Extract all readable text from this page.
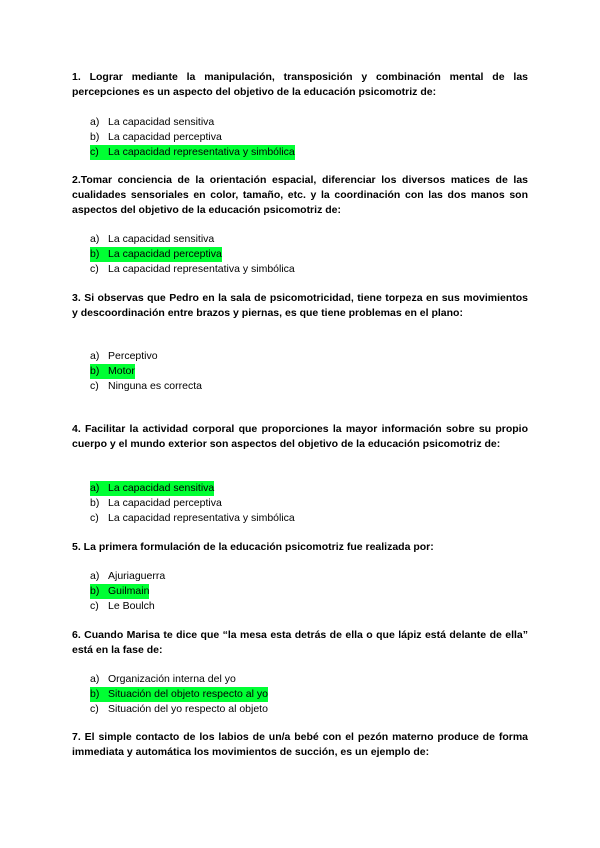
1. Lograr mediante la manipulación, transposición y combinación mental de las percepciones es un aspecto del objetivo de la educación psicomotriz de:

a) La capacidad sensitiva
b) La capacidad perceptiva
c) La capacidad representativa y simbólica

2.Tomar conciencia de la orientación espacial, diferenciar los diversos matices de las cualidades sensoriales en color, tamaño, etc. y la coordinación con las dos manos son aspectos del objetivo de la educación psicomotriz de:

a) La capacidad sensitiva
b) La capacidad perceptiva
c) La capacidad representativa y simbólica

3. Si observas que Pedro en la sala de psicomotricidad, tiene torpeza en sus movimientos y descoordinación entre brazos y piernas, es que tiene problemas en el plano:

a) Perceptivo
b) Motor
c) Ninguna es correcta

4. Facilitar la actividad corporal que proporciones la mayor información sobre su propio cuerpo y el mundo exterior son aspectos del objetivo de la educación psicomotriz de:

a) La capacidad sensitiva
b) La capacidad perceptiva
c) La capacidad representativa y simbólica

5. La primera formulación de la educación psicomotriz fue realizada por:

a) Ajuriaguerra
b) Guilmain
c) Le Boulch

6. Cuando Marisa te dice que “la mesa esta detrás de ella o que lápiz está delante de ella” está en la fase de:

a) Organización interna del yo
b) Situación del objeto respecto al yo
c) Situación del yo respecto al objeto

7. El simple contacto de los labios de un/a bebé con el pezón materno produce de forma immediata y automática los movimientos de succión, es un ejemplo de:
